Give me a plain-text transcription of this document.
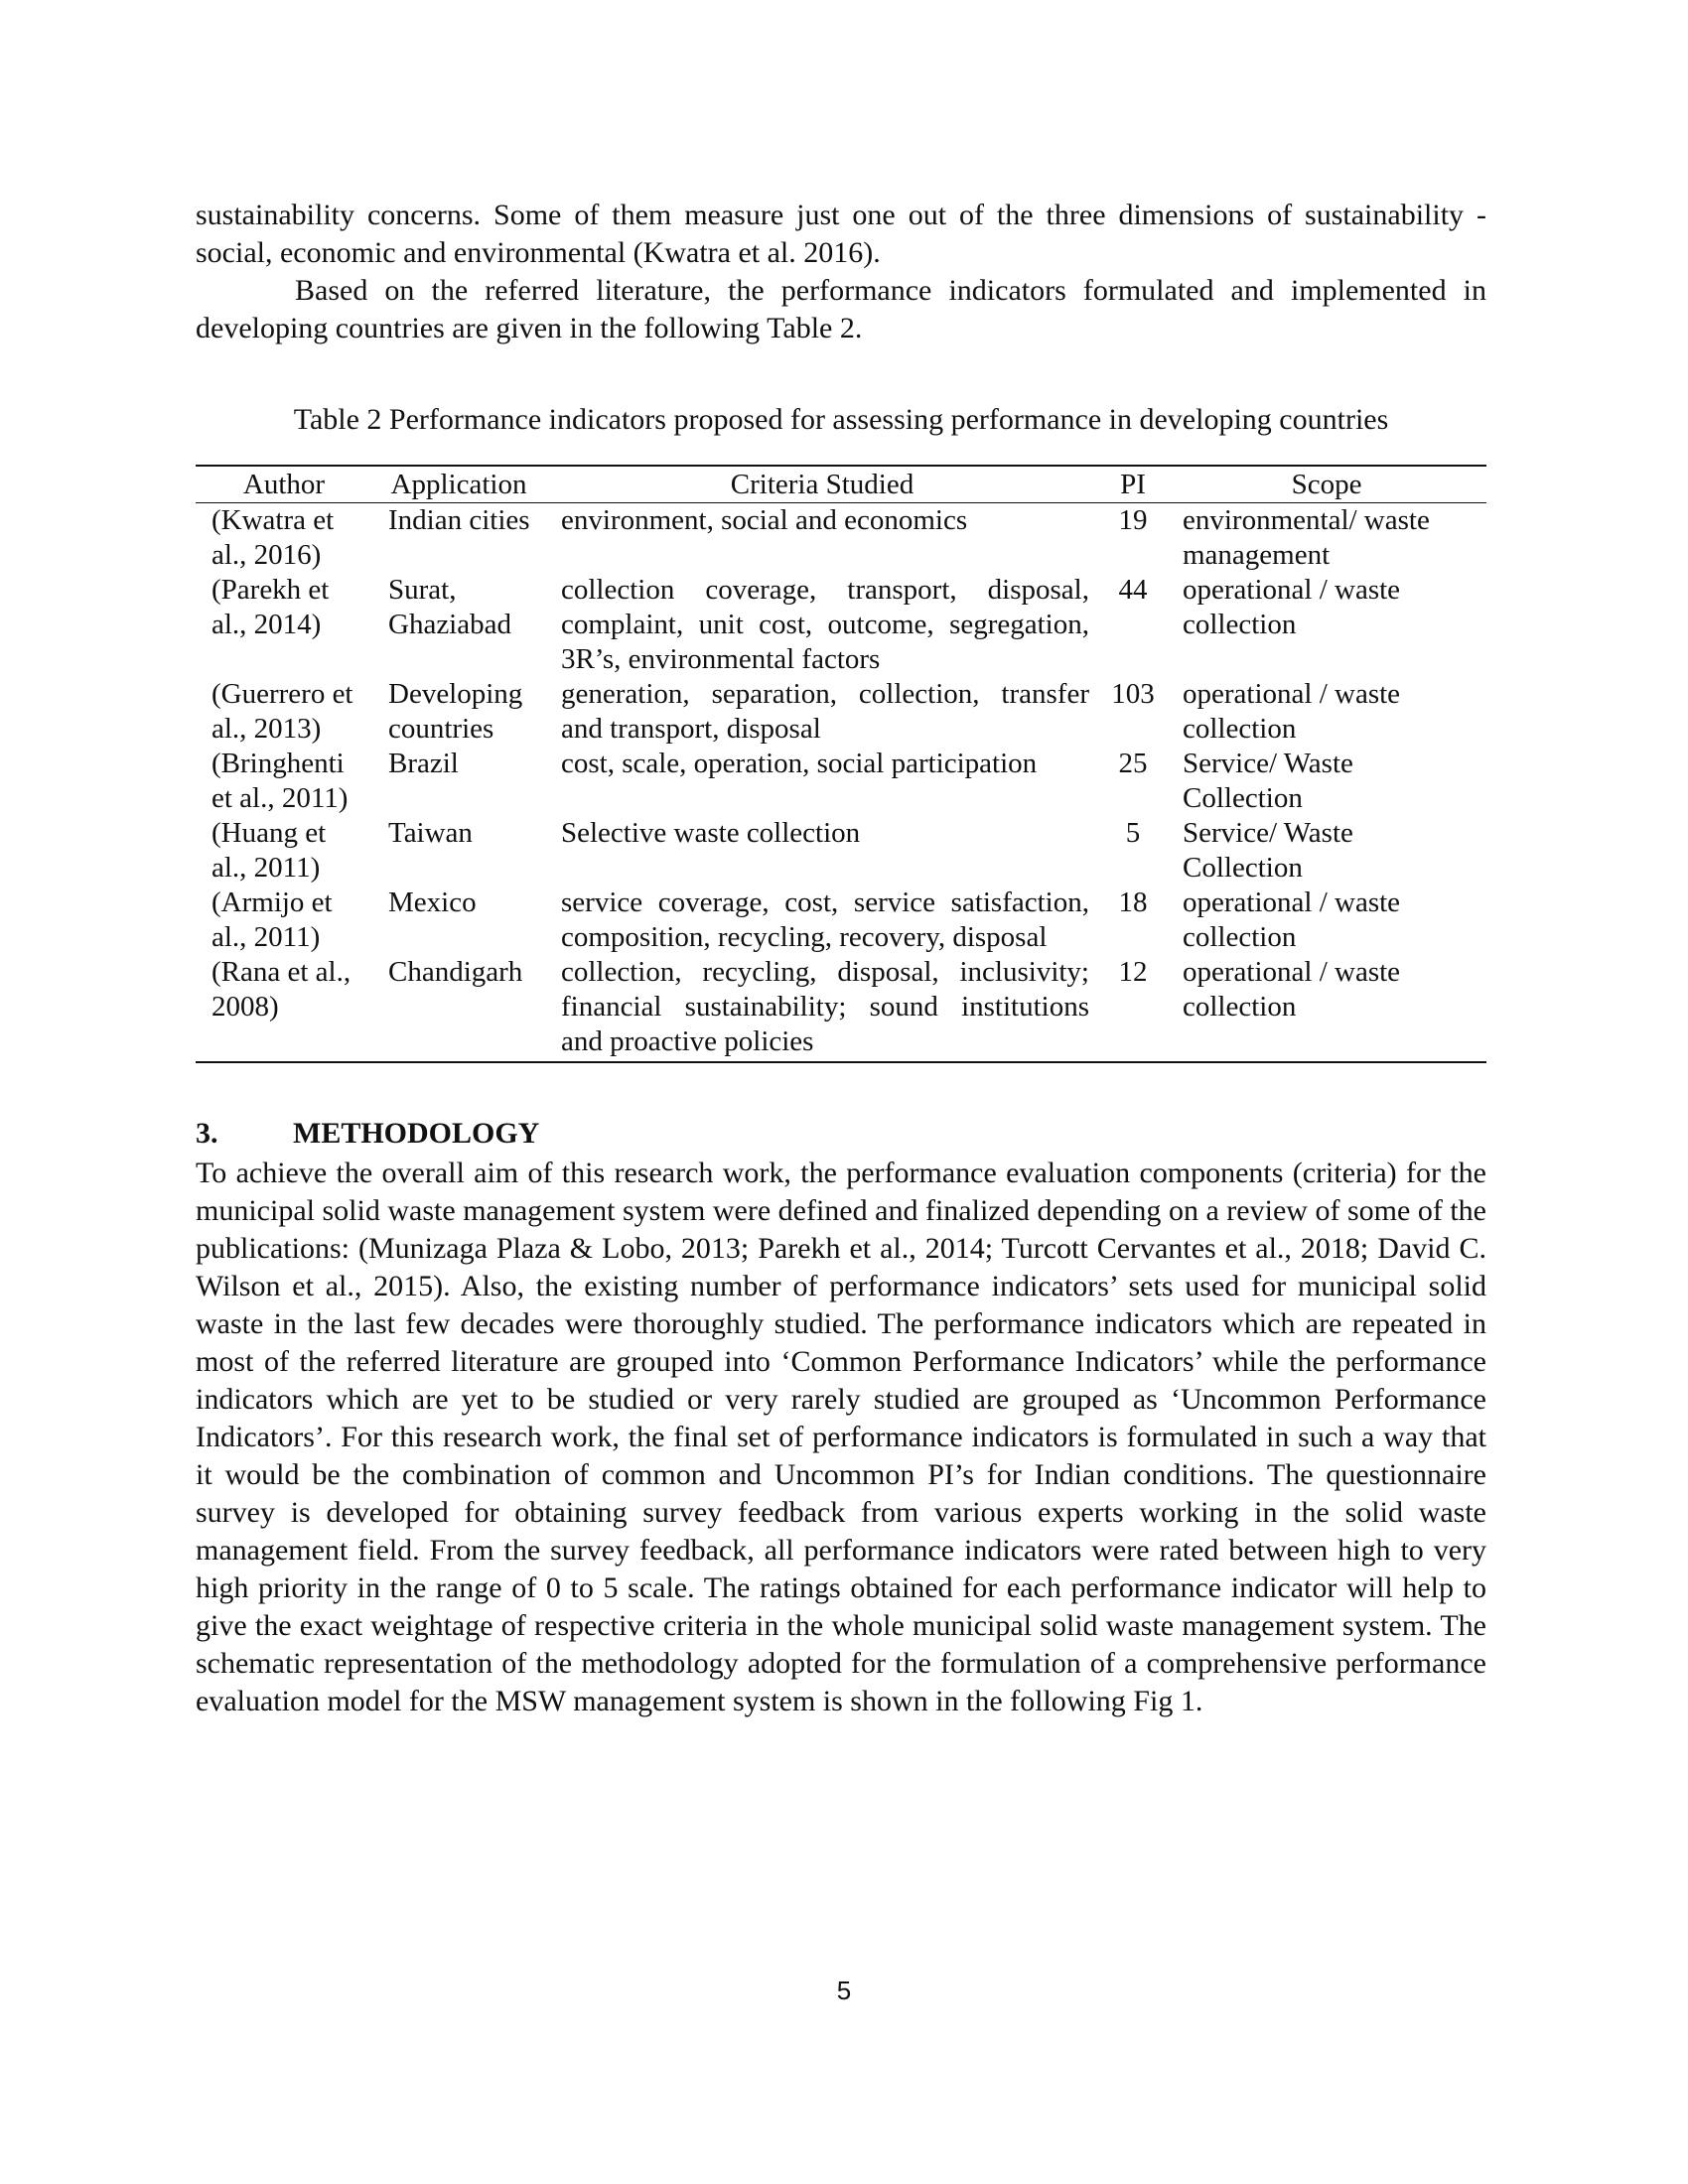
sustainability concerns. Some of them measure just one out of the three dimensions of sustainability - social, economic and environmental (Kwatra et al. 2016).

Based on the referred literature, the performance indicators formulated and implemented in developing countries are given in the following Table 2.

Table 2 Performance indicators proposed for assessing performance in developing countries

Author	Application	Criteria Studied	PI	Scope
(Kwatra et al., 2016)	Indian cities	environment, social and economics	19	environmental/ waste management
(Parekh et al., 2014)	Surat, Ghaziabad	collection coverage, transport, disposal, complaint, unit cost, outcome, segregation, 3R’s, environmental factors	44	operational / waste collection
(Guerrero et al., 2013)	Developing countries	generation, separation, collection, transfer and transport, disposal	103	operational / waste collection
(Bringhenti et al., 2011)	Brazil	cost, scale, operation, social participation	25	Service/ Waste Collection
(Huang et al., 2011)	Taiwan	Selective waste collection	5	Service/ Waste Collection
(Armijo et al., 2011)	Mexico	service coverage, cost, service satisfaction, composition, recycling, recovery, disposal	18	operational / waste collection
(Rana et al., 2008)	Chandigarh	collection, recycling, disposal, inclusivity; financial sustainability; sound institutions and proactive policies	12	operational / waste collection
3.	METHODOLOGY

To achieve the overall aim of this research work, the performance evaluation components (criteria) for the municipal solid waste management system were defined and finalized depending on a review of some of the publications: (Munizaga Plaza & Lobo, 2013; Parekh et al., 2014; Turcott Cervantes et al., 2018; David C. Wilson et al., 2015). Also, the existing number of performance indicators’ sets used for municipal solid waste in the last few decades were thoroughly studied. The performance indicators which are repeated in most of the referred literature are grouped into ‘Common Performance Indicators’ while the performance indicators which are yet to be studied or very rarely studied are grouped as ‘Uncommon Performance Indicators’. For this research work, the final set of performance indicators is formulated in such a way that it would be the combination of common and Uncommon PI’s for Indian conditions. The questionnaire survey is developed for obtaining survey feedback from various experts working in the solid waste management field. From the survey feedback, all performance indicators were rated between high to very high priority in the range of 0 to 5 scale. The ratings obtained for each performance indicator will help to give the exact weightage of respective criteria in the whole municipal solid waste management system. The schematic representation of the methodology adopted for the formulation of a comprehensive performance evaluation model for the MSW management system is shown in the following Fig 1.

5
